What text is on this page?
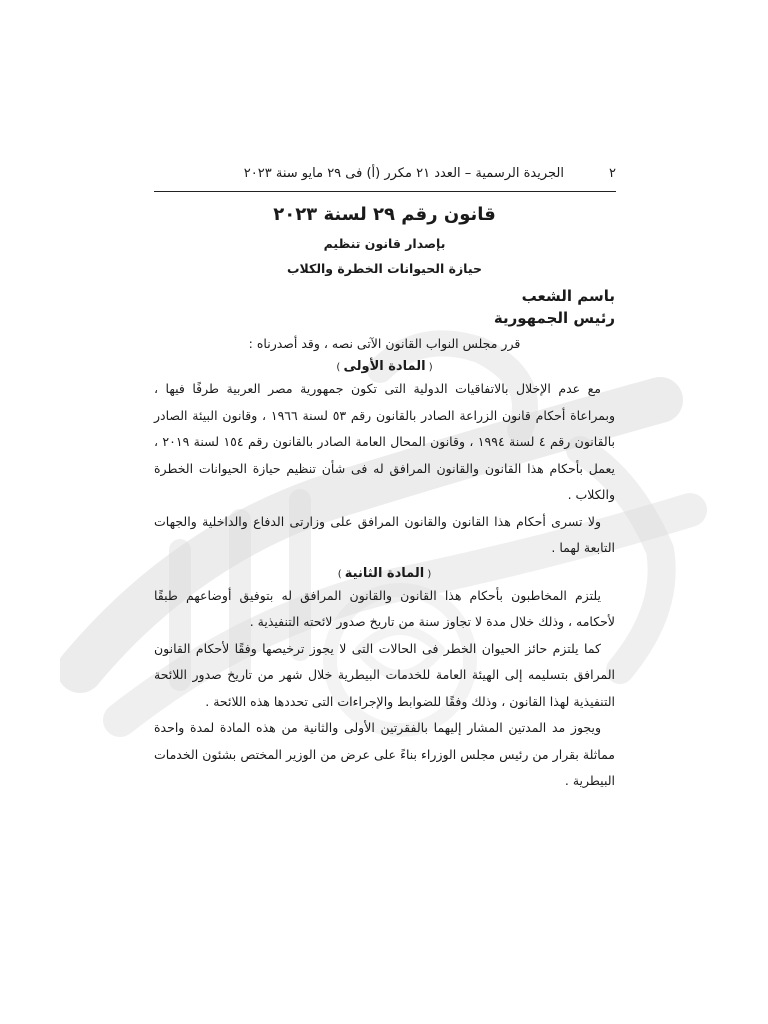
٢
الجريدة الرسمية – العدد ٢١ مكرر (أ) فى ٢٩ مايو سنة ٢٠٢٣
قانون رقم ٢٩ لسنة ٢٠٢٣
بإصدار قانون تنظيم
حيازة الحيوانات الخطرة والكلاب
باسم الشعب
رئيس الجمهورية
قرر مجلس النواب القانون الآتى نصه ، وقد أصدرناه :
( المادة الأولى )

مع عدم الإخلال بالاتفاقيات الدولية التى تكون جمهورية مصر العربية طرفًا فيها ، وبمراعاة أحكام قانون الزراعة الصادر بالقانون رقم ٥٣ لسنة ١٩٦٦ ، وقانون البيئة الصادر بالقانون رقم ٤ لسنة ١٩٩٤ ، وقانون المحال العامة الصادر بالقانون رقم ١٥٤ لسنة ٢٠١٩ ، يعمل بأحكام هذا القانون والقانون المرافق له فى شأن تنظيم حيازة الحيوانات الخطرة والكلاب .

ولا تسرى أحكام هذا القانون والقانون المرافق على وزارتى الدفاع والداخلية والجهات التابعة لهما .

( المادة الثانية )

يلتزم المخاطبون بأحكام هذا القانون والقانون المرافق له بتوفيق أوضاعهم طبقًا لأحكامه ، وذلك خلال مدة لا تجاوز سنة من تاريخ صدور لائحته التنفيذية .

كما يلتزم حائز الحيوان الخطر فى الحالات التى لا يجوز ترخيصها وفقًا لأحكام القانون المرافق بتسليمه إلى الهيئة العامة للخدمات البيطرية خلال شهر من تاريخ صدور اللائحة التنفيذية لهذا القانون ، وذلك وفقًا للضوابط والإجراءات التى تحددها هذه اللائحة .

ويجوز مد المدتين المشار إليهما بالفقرتين الأولى والثانية من هذه المادة لمدة واحدة مماثلة بقرار من رئيس مجلس الوزراء بناءً على عرض من الوزير المختص بشئون الخدمات البيطرية .
